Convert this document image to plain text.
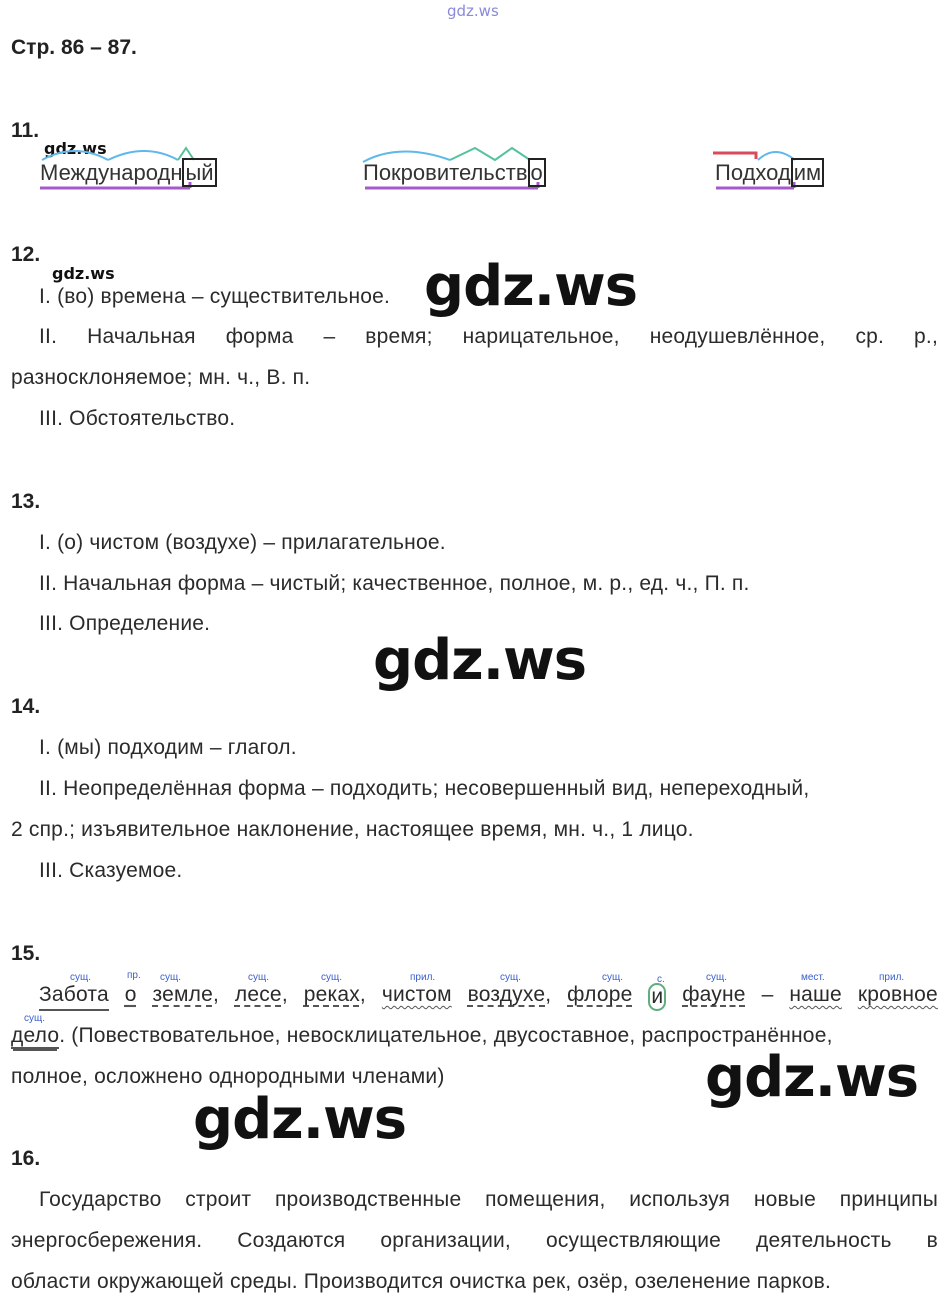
gdz.ws
Стр. 86 – 87.
11.
gdz.ws
Международн ый	Покровительств о	Подход им
12.
gdz.ws
I. (во) времена – существительное. gdz.ws
II. Начальная форма – время; нарицательное, неодушевлённое, ср. р.,
разносклоняемое; мн. ч., В. п.
III. Обстоятельство.
13.
I. (о) чистом (воздухе) – прилагательное.
II. Начальная форма – чистый; качественное, полное, м. р., ед. ч., П. п.
III. Определение.
gdz.ws
14.
I. (мы) подходим – глагол.
II. Неопределённая форма – подходить; несовершенный вид, непереходный,
2 спр.; изъявительное наклонение, настоящее время, мн. ч., 1 лицо.
III. Сказуемое.
15.
сущ.	пр. сущ.	сущ.	сущ.	прил.	сущ.	сущ.	с.	сущ.	мест.	прил.
сущ.
Забота о земле, лесе, реках, чистом воздухе, флоре и фауне – наше кровное
дело. (Повествовательное, невосклицательное, двусоставное, распространённое,
полное, осложнено однородными членами)	gdz.ws
gdz.ws
16.
Государство строит производственные помещения, используя новые принципы
энергосбережения. Создаются организации, осуществляющие деятельность в
области окружающей среды. Производится очистка рек, озёр, озеленение парков.
